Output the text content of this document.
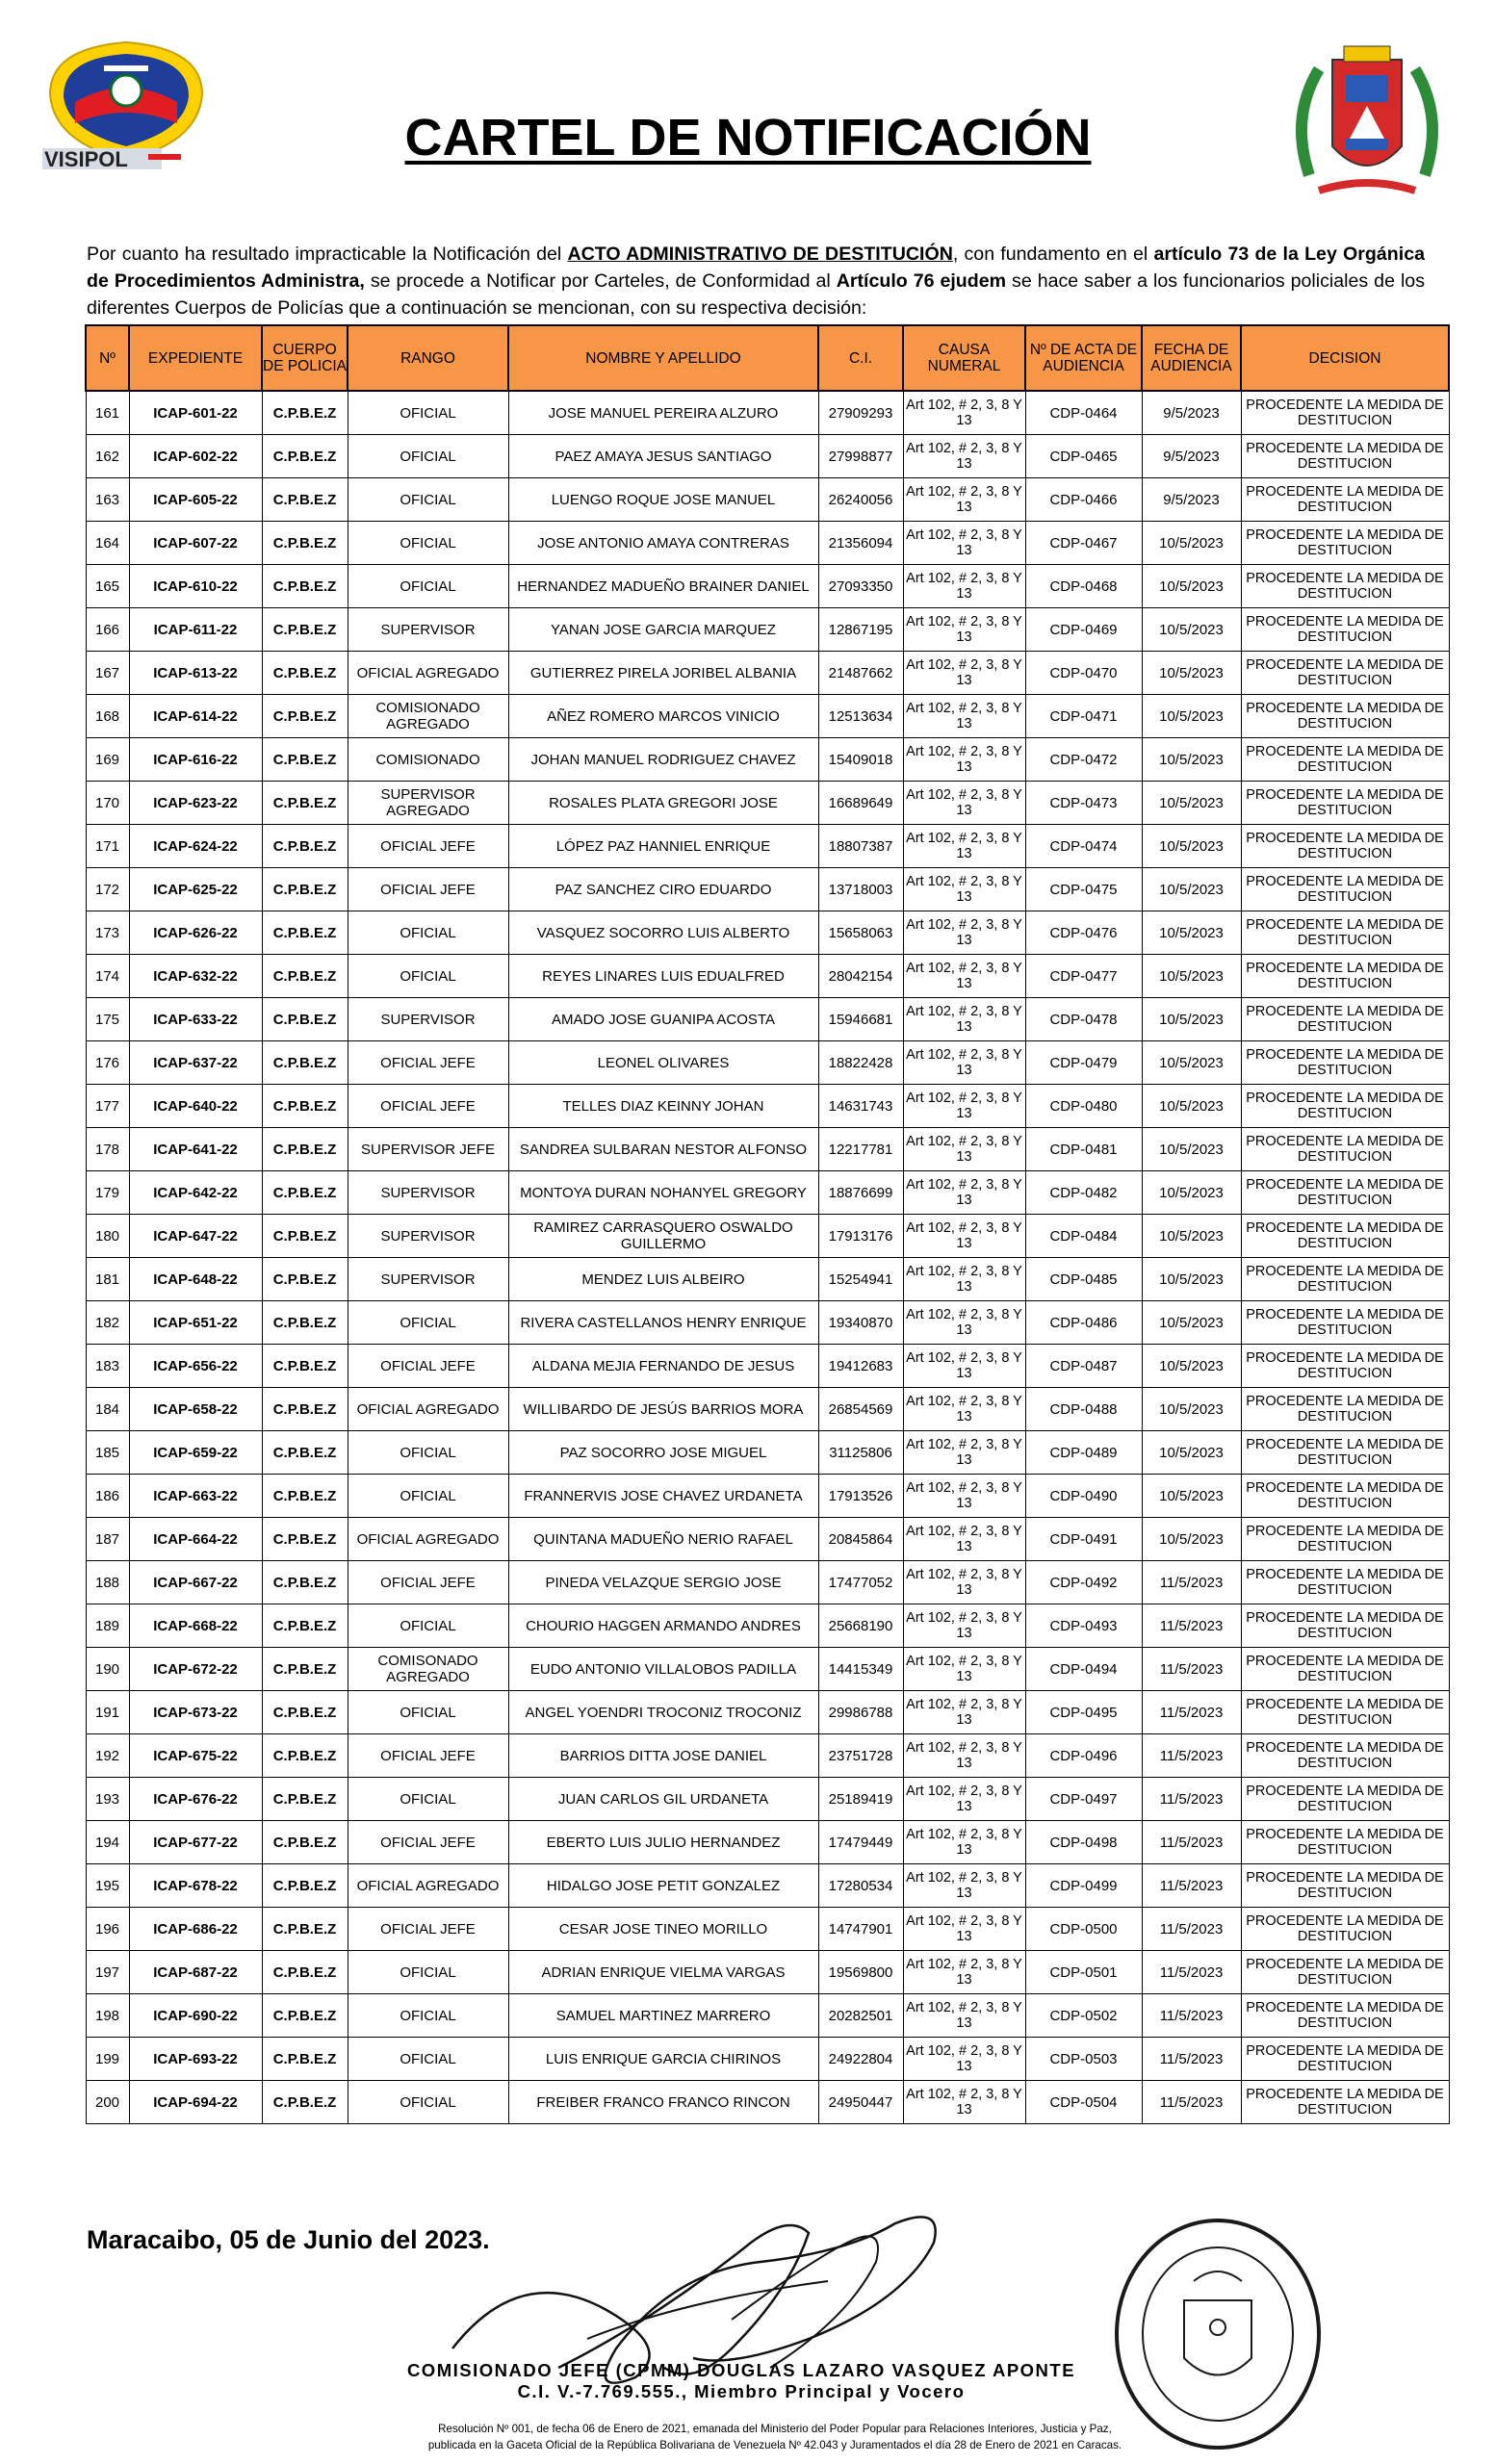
VISIPOL	CARTEL DE NOTIFICACIÓN
Por cuanto ha resultado impracticable la Notificación del ACTO ADMINISTRATIVO DE DESTITUCIÓN, con fundamento en el artículo 73 de la Ley Orgánica de Procedimientos Administra, se procede a Notificar por Carteles, de Conformidad al Artículo 76 ejudem se hace saber a los funcionarios policiales de los diferentes Cuerpos de Policías que a continuación se mencionan, con su respectiva decisión:
Nº	EXPEDIENTE	CUERPO DE POLICIA	RANGO	NOMBRE Y APELLIDO	C.I.	CAUSA NUMERAL	Nº DE ACTA DE AUDIENCIA	FECHA DE AUDIENCIA	DECISION
161	ICAP-601-22	C.P.B.E.Z	OFICIAL	JOSE MANUEL PEREIRA ALZURO	27909293	Art 102, # 2, 3, 8 Y 13	CDP-0464	9/5/2023	PROCEDENTE LA MEDIDA DE DESTITUCION
162	ICAP-602-22	C.P.B.E.Z	OFICIAL	PAEZ AMAYA JESUS SANTIAGO	27998877	Art 102, # 2, 3, 8 Y 13	CDP-0465	9/5/2023	PROCEDENTE LA MEDIDA DE DESTITUCION
163	ICAP-605-22	C.P.B.E.Z	OFICIAL	LUENGO ROQUE JOSE MANUEL	26240056	Art 102, # 2, 3, 8 Y 13	CDP-0466	9/5/2023	PROCEDENTE LA MEDIDA DE DESTITUCION
164	ICAP-607-22	C.P.B.E.Z	OFICIAL	JOSE ANTONIO AMAYA CONTRERAS	21356094	Art 102, # 2, 3, 8 Y 13	CDP-0467	10/5/2023	PROCEDENTE LA MEDIDA DE DESTITUCION
165	ICAP-610-22	C.P.B.E.Z	OFICIAL	HERNANDEZ MADUEÑO BRAINER DANIEL	27093350	Art 102, # 2, 3, 8 Y 13	CDP-0468	10/5/2023	PROCEDENTE LA MEDIDA DE DESTITUCION
166	ICAP-611-22	C.P.B.E.Z	SUPERVISOR	YANAN JOSE GARCIA MARQUEZ	12867195	Art 102, # 2, 3, 8 Y 13	CDP-0469	10/5/2023	PROCEDENTE LA MEDIDA DE DESTITUCION
167	ICAP-613-22	C.P.B.E.Z	OFICIAL AGREGADO	GUTIERREZ PIRELA JORIBEL ALBANIA	21487662	Art 102, # 2, 3, 8 Y 13	CDP-0470	10/5/2023	PROCEDENTE LA MEDIDA DE DESTITUCION
168	ICAP-614-22	C.P.B.E.Z	COMISIONADO AGREGADO	AÑEZ ROMERO MARCOS VINICIO	12513634	Art 102, # 2, 3, 8 Y 13	CDP-0471	10/5/2023	PROCEDENTE LA MEDIDA DE DESTITUCION
169	ICAP-616-22	C.P.B.E.Z	COMISIONADO	JOHAN MANUEL RODRIGUEZ CHAVEZ	15409018	Art 102, # 2, 3, 8 Y 13	CDP-0472	10/5/2023	PROCEDENTE LA MEDIDA DE DESTITUCION
170	ICAP-623-22	C.P.B.E.Z	SUPERVISOR AGREGADO	ROSALES PLATA GREGORI JOSE	16689649	Art 102, # 2, 3, 8 Y 13	CDP-0473	10/5/2023	PROCEDENTE LA MEDIDA DE DESTITUCION
171	ICAP-624-22	C.P.B.E.Z	OFICIAL JEFE	LÓPEZ PAZ HANNIEL ENRIQUE	18807387	Art 102, # 2, 3, 8 Y 13	CDP-0474	10/5/2023	PROCEDENTE LA MEDIDA DE DESTITUCION
172	ICAP-625-22	C.P.B.E.Z	OFICIAL JEFE	PAZ SANCHEZ CIRO EDUARDO	13718003	Art 102, # 2, 3, 8 Y 13	CDP-0475	10/5/2023	PROCEDENTE LA MEDIDA DE DESTITUCION
173	ICAP-626-22	C.P.B.E.Z	OFICIAL	VASQUEZ SOCORRO LUIS ALBERTO	15658063	Art 102, # 2, 3, 8 Y 13	CDP-0476	10/5/2023	PROCEDENTE LA MEDIDA DE DESTITUCION
174	ICAP-632-22	C.P.B.E.Z	OFICIAL	REYES LINARES LUIS EDUALFRED	28042154	Art 102, # 2, 3, 8 Y 13	CDP-0477	10/5/2023	PROCEDENTE LA MEDIDA DE DESTITUCION
175	ICAP-633-22	C.P.B.E.Z	SUPERVISOR	AMADO JOSE GUANIPA ACOSTA	15946681	Art 102, # 2, 3, 8 Y 13	CDP-0478	10/5/2023	PROCEDENTE LA MEDIDA DE DESTITUCION
176	ICAP-637-22	C.P.B.E.Z	OFICIAL JEFE	LEONEL OLIVARES	18822428	Art 102, # 2, 3, 8 Y 13	CDP-0479	10/5/2023	PROCEDENTE LA MEDIDA DE DESTITUCION
177	ICAP-640-22	C.P.B.E.Z	OFICIAL JEFE	TELLES DIAZ KEINNY JOHAN	14631743	Art 102, # 2, 3, 8 Y 13	CDP-0480	10/5/2023	PROCEDENTE LA MEDIDA DE DESTITUCION
178	ICAP-641-22	C.P.B.E.Z	SUPERVISOR JEFE	SANDREA SULBARAN NESTOR ALFONSO	12217781	Art 102, # 2, 3, 8 Y 13	CDP-0481	10/5/2023	PROCEDENTE LA MEDIDA DE DESTITUCION
179	ICAP-642-22	C.P.B.E.Z	SUPERVISOR	MONTOYA DURAN NOHANYEL GREGORY	18876699	Art 102, # 2, 3, 8 Y 13	CDP-0482	10/5/2023	PROCEDENTE LA MEDIDA DE DESTITUCION
180	ICAP-647-22	C.P.B.E.Z	SUPERVISOR	RAMIREZ CARRASQUERO OSWALDO GUILLERMO	17913176	Art 102, # 2, 3, 8 Y 13	CDP-0484	10/5/2023	PROCEDENTE LA MEDIDA DE DESTITUCION
181	ICAP-648-22	C.P.B.E.Z	SUPERVISOR	MENDEZ LUIS ALBEIRO	15254941	Art 102, # 2, 3, 8 Y 13	CDP-0485	10/5/2023	PROCEDENTE LA MEDIDA DE DESTITUCION
182	ICAP-651-22	C.P.B.E.Z	OFICIAL	RIVERA CASTELLANOS HENRY ENRIQUE	19340870	Art 102, # 2, 3, 8 Y 13	CDP-0486	10/5/2023	PROCEDENTE LA MEDIDA DE DESTITUCION
183	ICAP-656-22	C.P.B.E.Z	OFICIAL JEFE	ALDANA MEJIA FERNANDO DE JESUS	19412683	Art 102, # 2, 3, 8 Y 13	CDP-0487	10/5/2023	PROCEDENTE LA MEDIDA DE DESTITUCION
184	ICAP-658-22	C.P.B.E.Z	OFICIAL AGREGADO	WILLIBARDO DE JESÚS BARRIOS MORA	26854569	Art 102, # 2, 3, 8 Y 13	CDP-0488	10/5/2023	PROCEDENTE LA MEDIDA DE DESTITUCION
185	ICAP-659-22	C.P.B.E.Z	OFICIAL	PAZ SOCORRO JOSE MIGUEL	31125806	Art 102, # 2, 3, 8 Y 13	CDP-0489	10/5/2023	PROCEDENTE LA MEDIDA DE DESTITUCION
186	ICAP-663-22	C.P.B.E.Z	OFICIAL	FRANNERVIS JOSE CHAVEZ URDANETA	17913526	Art 102, # 2, 3, 8 Y 13	CDP-0490	10/5/2023	PROCEDENTE LA MEDIDA DE DESTITUCION
187	ICAP-664-22	C.P.B.E.Z	OFICIAL AGREGADO	QUINTANA MADUEÑO NERIO RAFAEL	20845864	Art 102, # 2, 3, 8 Y 13	CDP-0491	10/5/2023	PROCEDENTE LA MEDIDA DE DESTITUCION
188	ICAP-667-22	C.P.B.E.Z	OFICIAL JEFE	PINEDA VELAZQUE SERGIO JOSE	17477052	Art 102, # 2, 3, 8 Y 13	CDP-0492	11/5/2023	PROCEDENTE LA MEDIDA DE DESTITUCION
189	ICAP-668-22	C.P.B.E.Z	OFICIAL	CHOURIO HAGGEN ARMANDO ANDRES	25668190	Art 102, # 2, 3, 8 Y 13	CDP-0493	11/5/2023	PROCEDENTE LA MEDIDA DE DESTITUCION
190	ICAP-672-22	C.P.B.E.Z	COMISONADO AGREGADO	EUDO ANTONIO VILLALOBOS PADILLA	14415349	Art 102, # 2, 3, 8 Y 13	CDP-0494	11/5/2023	PROCEDENTE LA MEDIDA DE DESTITUCION
191	ICAP-673-22	C.P.B.E.Z	OFICIAL	ANGEL YOENDRI TROCONIZ TROCONIZ	29986788	Art 102, # 2, 3, 8 Y 13	CDP-0495	11/5/2023	PROCEDENTE LA MEDIDA DE DESTITUCION
192	ICAP-675-22	C.P.B.E.Z	OFICIAL JEFE	BARRIOS DITTA JOSE DANIEL	23751728	Art 102, # 2, 3, 8 Y 13	CDP-0496	11/5/2023	PROCEDENTE LA MEDIDA DE DESTITUCION
193	ICAP-676-22	C.P.B.E.Z	OFICIAL	JUAN CARLOS GIL URDANETA	25189419	Art 102, # 2, 3, 8 Y 13	CDP-0497	11/5/2023	PROCEDENTE LA MEDIDA DE DESTITUCION
194	ICAP-677-22	C.P.B.E.Z	OFICIAL JEFE	EBERTO LUIS JULIO HERNANDEZ	17479449	Art 102, # 2, 3, 8 Y 13	CDP-0498	11/5/2023	PROCEDENTE LA MEDIDA DE DESTITUCION
195	ICAP-678-22	C.P.B.E.Z	OFICIAL AGREGADO	HIDALGO JOSE PETIT GONZALEZ	17280534	Art 102, # 2, 3, 8 Y 13	CDP-0499	11/5/2023	PROCEDENTE LA MEDIDA DE DESTITUCION
196	ICAP-686-22	C.P.B.E.Z	OFICIAL JEFE	CESAR JOSE TINEO MORILLO	14747901	Art 102, # 2, 3, 8 Y 13	CDP-0500	11/5/2023	PROCEDENTE LA MEDIDA DE DESTITUCION
197	ICAP-687-22	C.P.B.E.Z	OFICIAL	ADRIAN ENRIQUE VIELMA VARGAS	19569800	Art 102, # 2, 3, 8 Y 13	CDP-0501	11/5/2023	PROCEDENTE LA MEDIDA DE DESTITUCION
198	ICAP-690-22	C.P.B.E.Z	OFICIAL	SAMUEL MARTINEZ MARRERO	20282501	Art 102, # 2, 3, 8 Y 13	CDP-0502	11/5/2023	PROCEDENTE LA MEDIDA DE DESTITUCION
199	ICAP-693-22	C.P.B.E.Z	OFICIAL	LUIS ENRIQUE GARCIA CHIRINOS	24922804	Art 102, # 2, 3, 8 Y 13	CDP-0503	11/5/2023	PROCEDENTE LA MEDIDA DE DESTITUCION
200	ICAP-694-22	C.P.B.E.Z	OFICIAL	FREIBER FRANCO FRANCO RINCON	24950447	Art 102, # 2, 3, 8 Y 13	CDP-0504	11/5/2023	PROCEDENTE LA MEDIDA DE DESTITUCION
Maracaibo, 05 de Junio del 2023.
COMISIONADO JEFE (CPMM) DOUGLAS LAZARO VASQUEZ APONTE
C.I. V.-7.769.555., Miembro Principal y Vocero
Resolución Nº 001, de fecha 06 de Enero de 2021, emanada del Ministerio del Poder Popular para Relaciones Interiores, Justicia y Paz,
publicada en la Gaceta Oficial de la República Bolivariana de Venezuela Nº 42.043 y Juramentados el día 28 de Enero de 2021 en Caracas.
